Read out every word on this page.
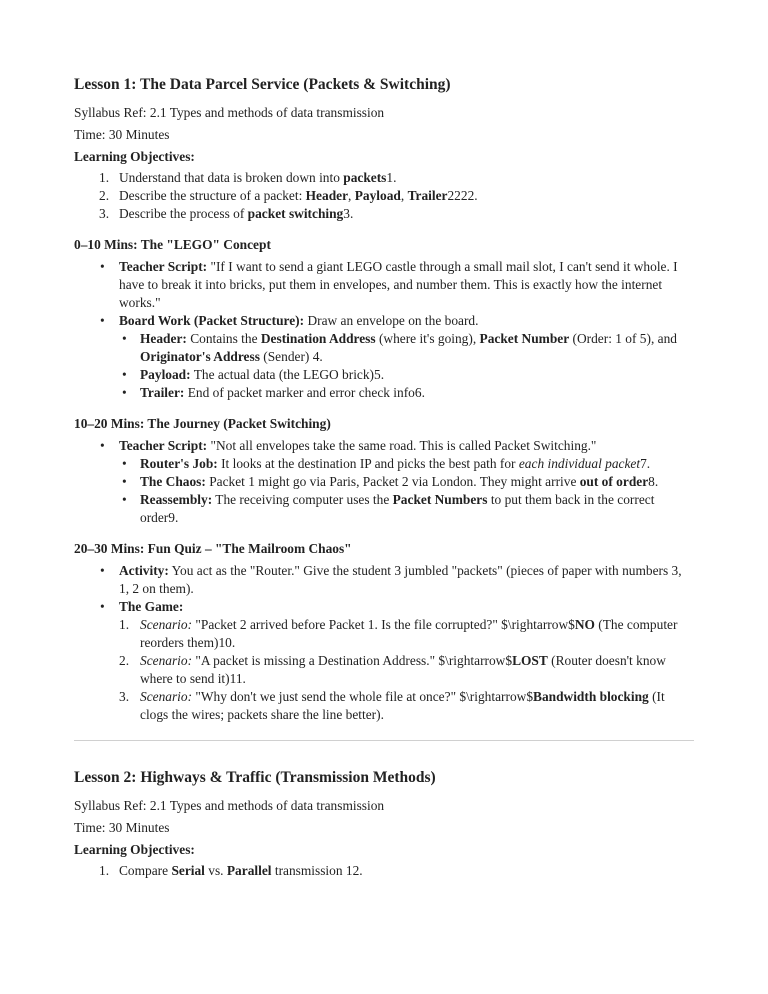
Lesson 1: The Data Parcel Service (Packets & Switching)

Syllabus Ref: 2.1 Types and methods of data transmission

Time: 30 Minutes

Learning Objectives:

1. Understand that data is broken down into packets1.
2. Describe the structure of a packet: Header, Payload, Trailer2222.
3. Describe the process of packet switching3.
0–10 Mins: The "LEGO" Concept
• Teacher Script: "If I want to send a giant LEGO castle through a small mail slot, I can't send it whole. I have to break it into bricks, put them in envelopes, and number them. This is exactly how the internet works."
• Board Work (Packet Structure): Draw an envelope on the board.
• Header: Contains the Destination Address (where it's going), Packet Number (Order: 1 of 5), and Originator's Address (Sender) 4.
• Payload: The actual data (the LEGO brick)5.
• Trailer: End of packet marker and error check info6.
10–20 Mins: The Journey (Packet Switching)
• Teacher Script: "Not all envelopes take the same road. This is called Packet Switching."
• Router's Job: It looks at the destination IP and picks the best path for each individual packet7.
• The Chaos: Packet 1 might go via Paris, Packet 2 via London. They might arrive out of order8.
• Reassembly: The receiving computer uses the Packet Numbers to put them back in the correct order9.
20–30 Mins: Fun Quiz – "The Mailroom Chaos"
• Activity: You act as the "Router." Give the student 3 jumbled "packets" (pieces of paper with numbers 3, 1, 2 on them).
• The Game:
1. Scenario: "Packet 2 arrived before Packet 1. Is the file corrupted?" $\rightarrow$NO (The computer reorders them)10.
2. Scenario: "A packet is missing a Destination Address." $\rightarrow$LOST (Router doesn't know where to send it)11.
3. Scenario: "Why don't we just send the whole file at once?" $\rightarrow$Bandwidth blocking (It clogs the wires; packets share the line better).
Lesson 2: Highways & Traffic (Transmission Methods)

Syllabus Ref: 2.1 Types and methods of data transmission

Time: 30 Minutes

Learning Objectives:

1. Compare Serial vs. Parallel transmission 12.
